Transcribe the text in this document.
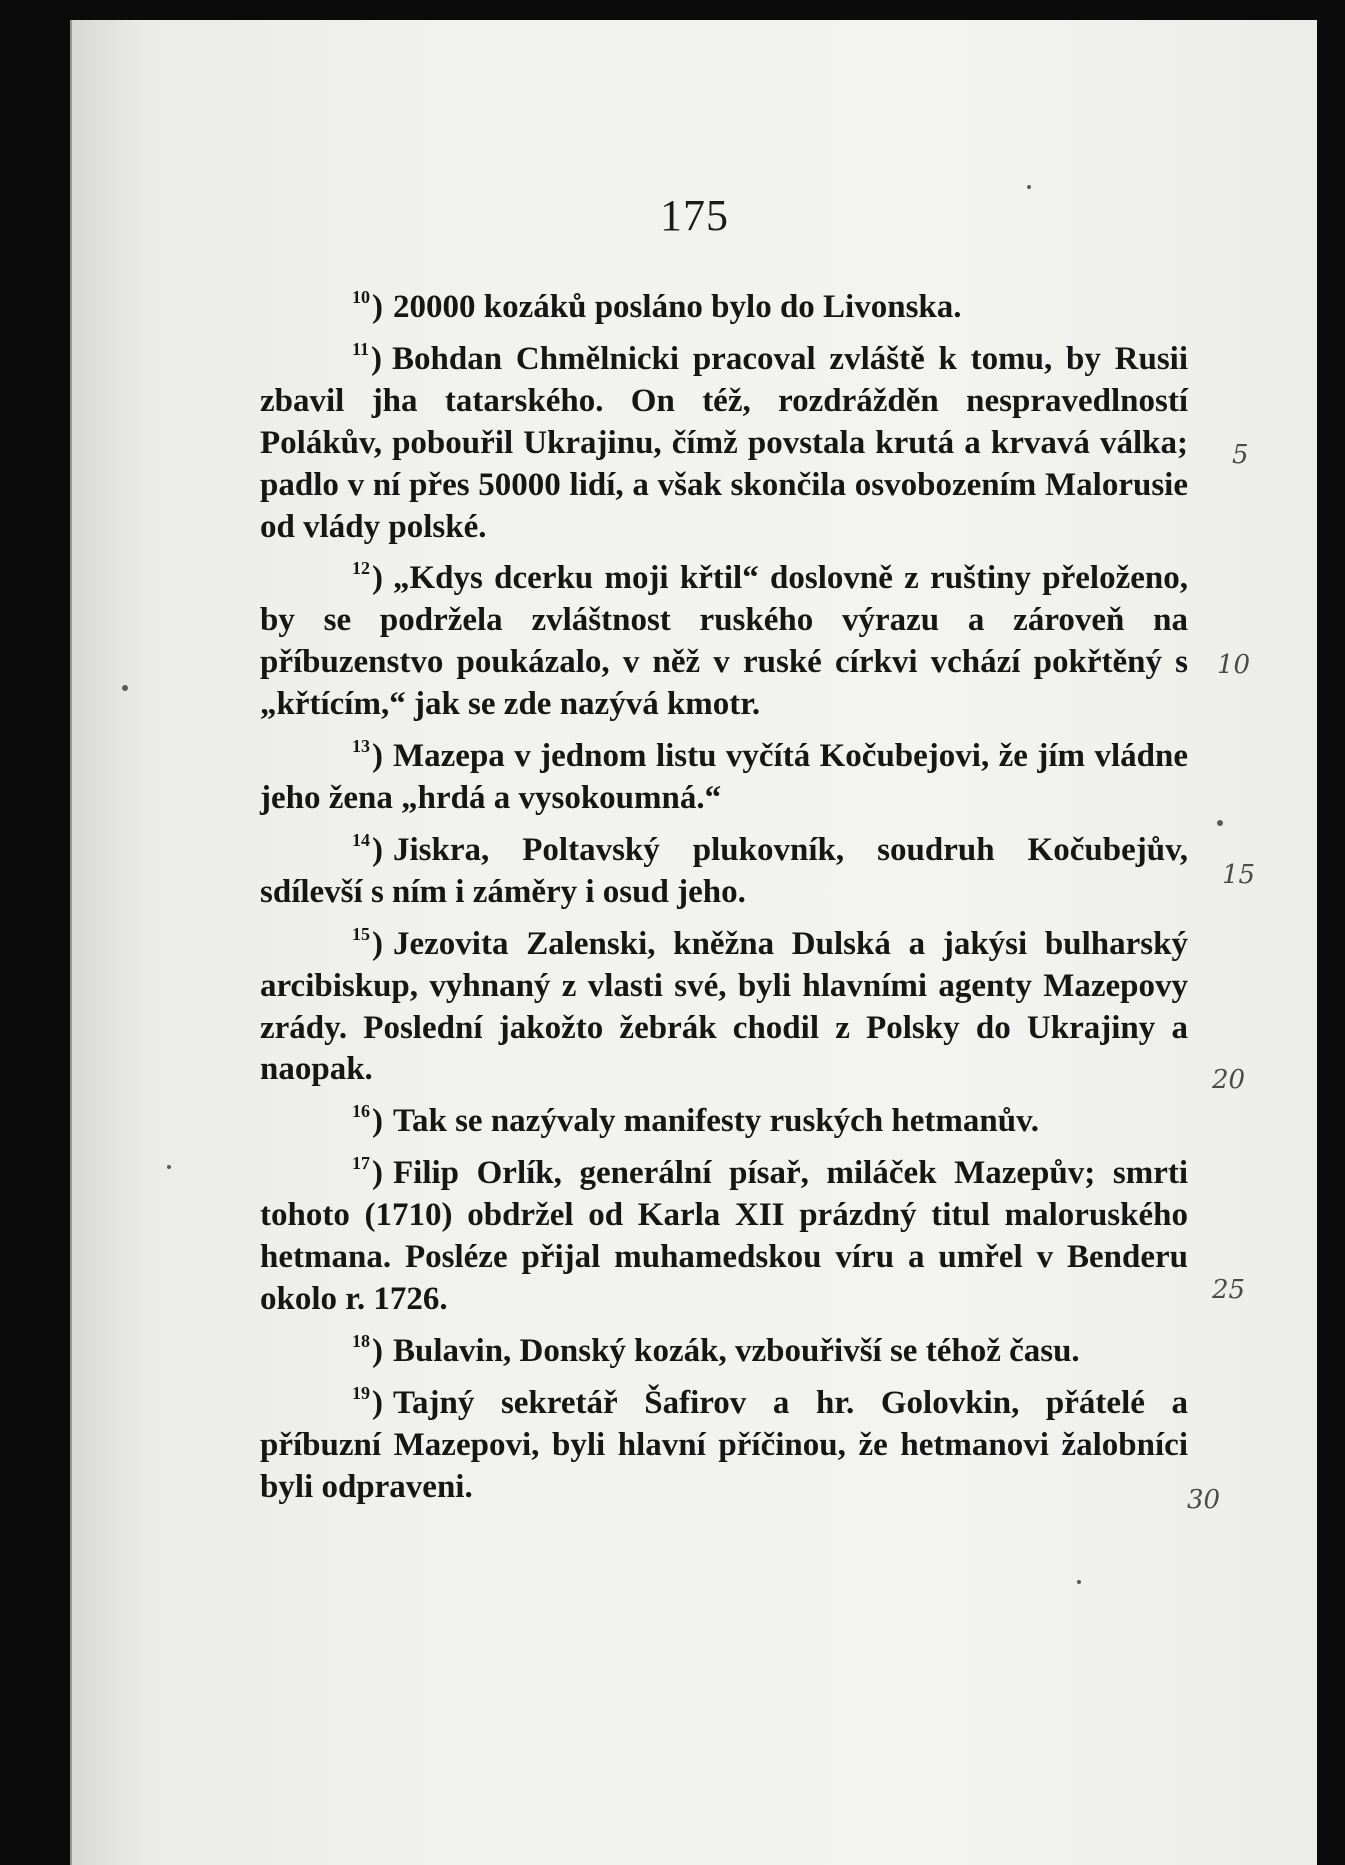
175

$^{10}$) 20000 kozáků posláno bylo do Livonska.

$^{11}$) Bohdan Chmělnicki pracoval zvláště k tomu, by Rusii zbavil jha tatarského. On též, rozdrážděn nespravedlností Polákův, pobouřil Ukrajinu, čímž povstala krutá a krvavá válka; padlo v ní přes 50000 lidí, a však skončila osvobozením Malorusie od vlády polské.

$^{12}$) „Kdys dcerku moji křtil“ doslovně z ruštiny přeloženo, by se podržela zvláštnost ruského výrazu a zároveň na příbuzenstvo poukázalo, v něž v ruské církvi vchází pokřtěný s „křtícím,“ jak se zde nazývá kmotr.

$^{13}$) Mazepa v jednom listu vyčítá Kočubejovi, že jím vládne jeho žena „hrdá a vysokoumná.“

$^{14}$) Jiskra, Poltavský plukovník, soudruh Kočubejův, sdílevší s ním i záměry i osud jeho.

$^{15}$) Jezovita Zalenski, kněžna Dulská a jakýsi bulharský arcibiskup, vyhnaný z vlasti své, byli hlavními agenty Mazepovy zrády. Poslední jakožto žebrák chodil z Polsky do Ukrajiny a naopak.

$^{16}$) Tak se nazývaly manifesty ruských hetmanův.

$^{17}$) Filip Orlík, generální písař, miláček Mazepův; smrti tohoto (1710) obdržel od Karla XII prázdný titul maloruského hetmana. Posléze přijal muhamedskou víru a umřel v Benderu okolo r. 1726.

$^{18}$) Bulavin, Donský kozák, vzbouřivší se téhož času.

$^{19}$) Tajný sekretář Šafirov a hr. Golovkin, přátelé a příbuzní Mazepovi, byli hlavní příčinou, že hetmanovi žalobníci byli odpraveni.

5
10
15
20
25
30
